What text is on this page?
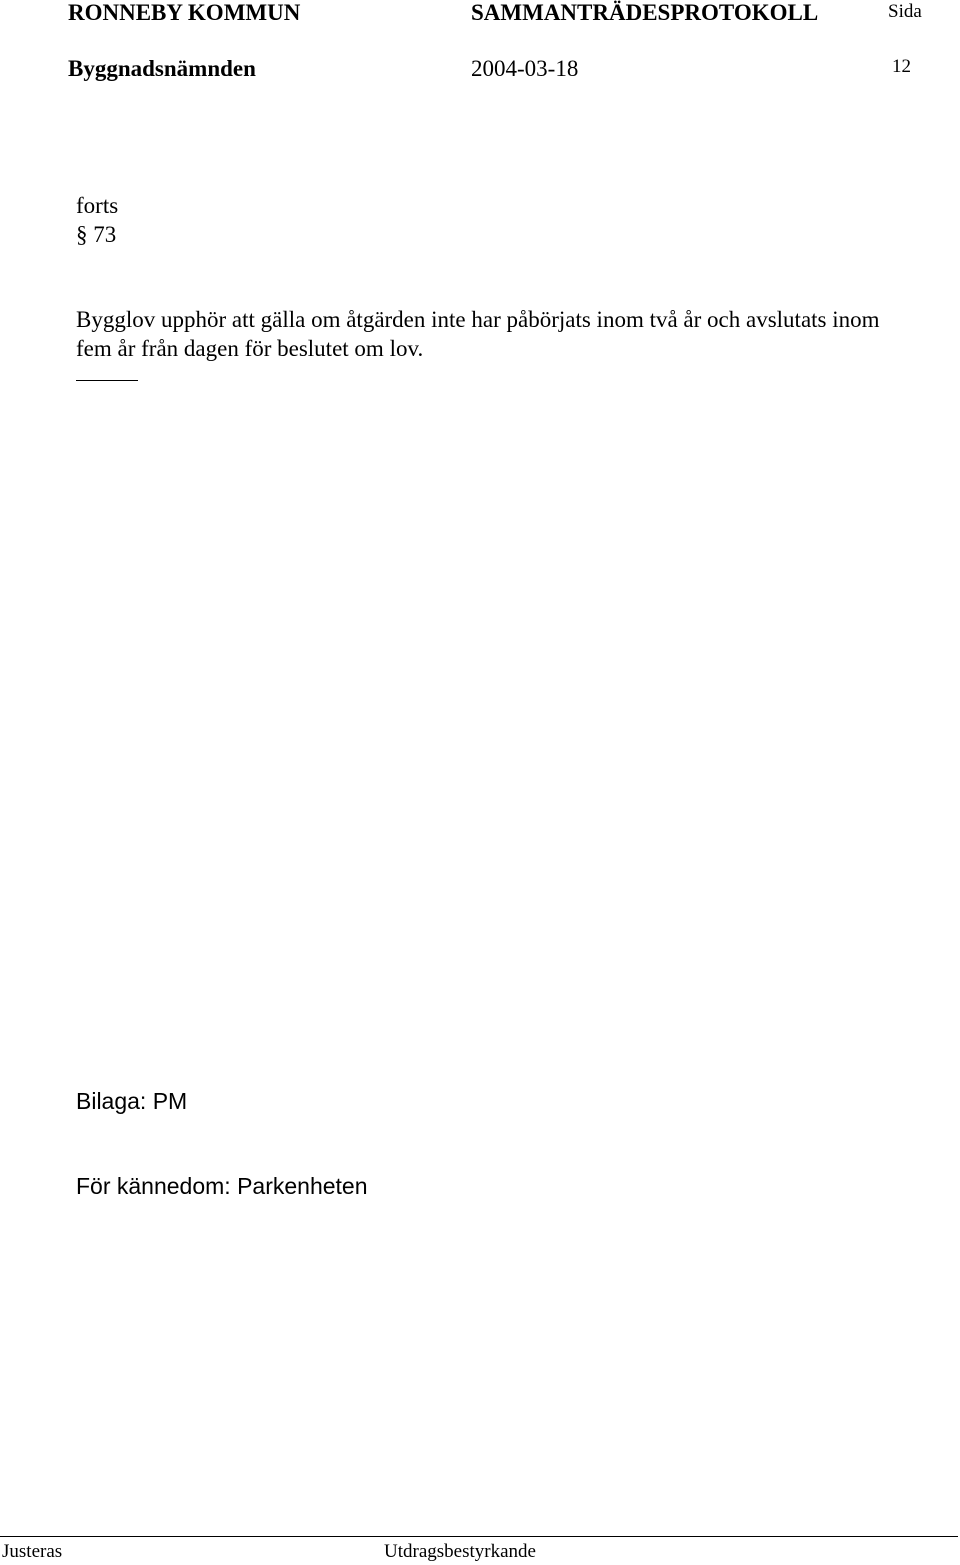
RONNEBY KOMMUN	SAMMANTRÄDESPROTOKOLL	Sida
Byggnadsnämnden	2004-03-18	12
forts
§ 73
Bygglov upphör att gälla om åtgärden inte har påbörjats inom två år och avslutats inom
fem år från dagen för beslutet om lov.
Bilaga: PM
För kännedom: Parkenheten
Justeras	Utdragsbestyrkande
